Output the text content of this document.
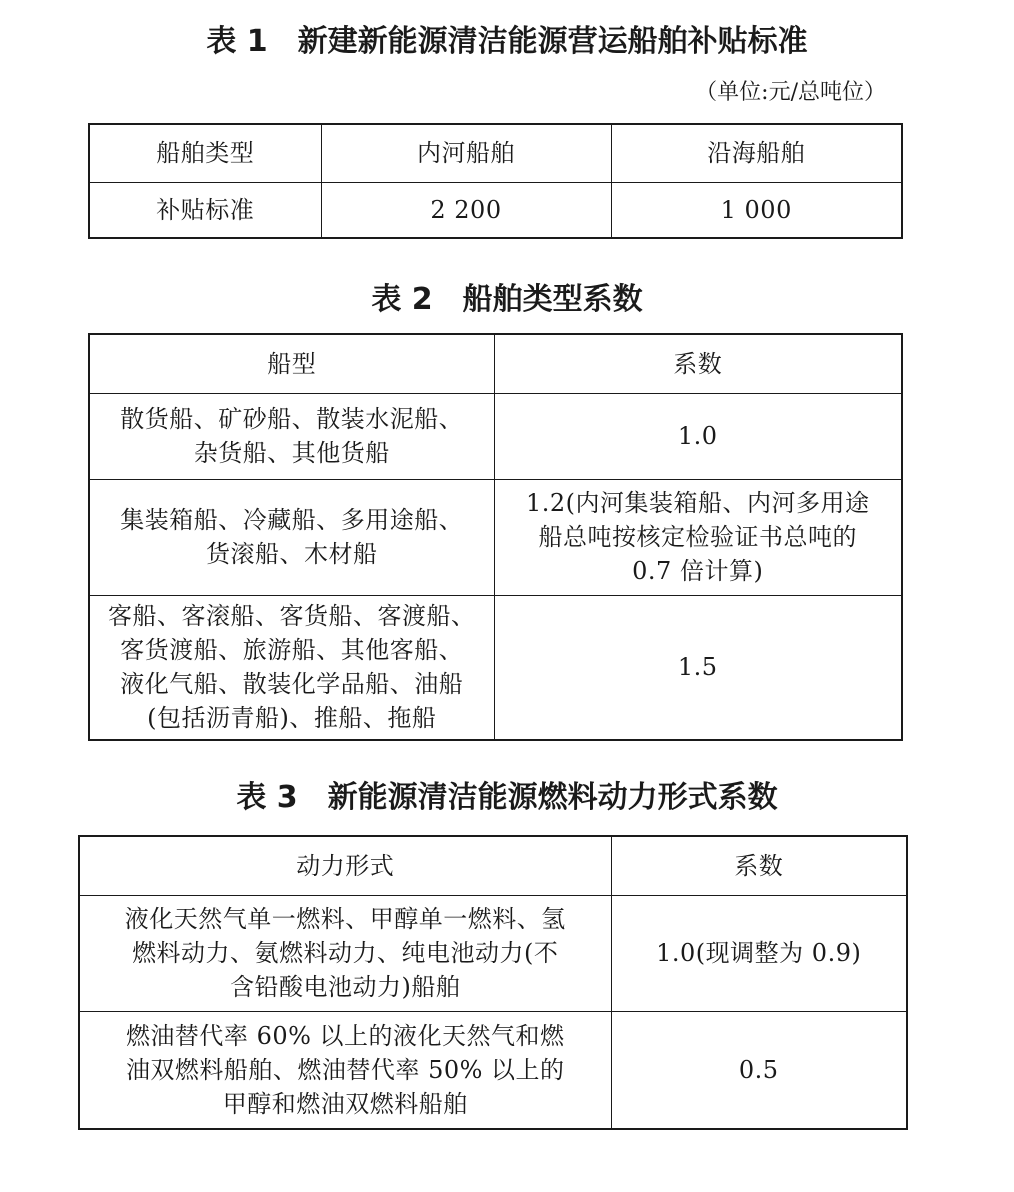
表 1 新建新能源清洁能源营运船舶补贴标准
（单位:元/总吨位）
船舶类型	内河船舶	沿海船舶
补贴标准	2 200	1 000
表 2 船舶类型系数
船型	系数

散货船、矿砂船、散装水泥船、
杂货船、其他货船	1.0

集装箱船、冷藏船、多用途船、
货滚船、木材船	1.2(内河集装箱船、内河多用途
船总吨按核定检验证书总吨的
0.7 倍计算)

客船、客滚船、客货船、客渡船、
客货渡船、旅游船、其他客船、
液化气船、散装化学品船、油船
(包括沥青船)、推船、拖船	1.5
表 3 新能源清洁能源燃料动力形式系数
动力形式	系数

液化天然气单一燃料、甲醇单一燃料、氢
燃料动力、氨燃料动力、纯电池动力(不
含铅酸电池动力)船舶	1.0(现调整为 0.9)

燃油替代率 60% 以上的液化天然气和燃
油双燃料船舶、燃油替代率 50% 以上的
甲醇和燃油双燃料船舶	0.5
